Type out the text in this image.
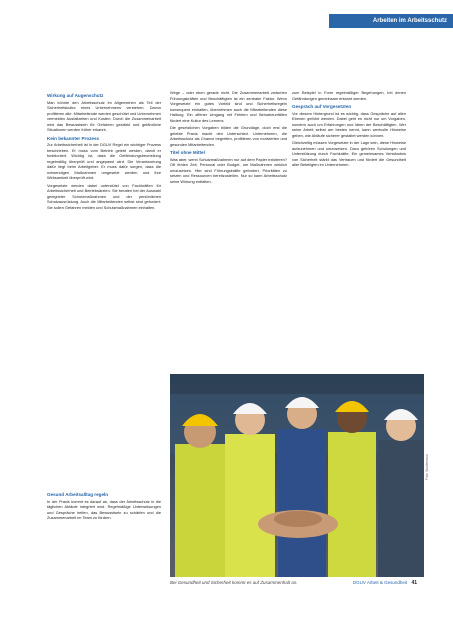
Arbeiten im Arbeitsschutz
Wirkung auf Augenschutz

Man könnte den Arbeitsschutz im Allgemeinen als Teil der Sicherheitskultur eines Unternehmens verstehen. Davon profitieren alle: Mitarbeitende werden geschützt und Unternehmen vermeiden Ausfallzeiten und Kosten. Durch die Zusammenarbeit wird das Bewusstsein für Gefahren gestärkt und gefährliche Situationen werden früher erkannt.

Kein bekannter Prozess

Zur Arbeitssicherheit ist in der DGUV Regel ein wichtiger Prozess beschrieben. Er muss vom Betrieb gelebt werden, damit er funktioniert. Wichtig ist, dass die Gefährdungsbeurteilung regelmäßig überprüft und angepasst wird. Die Verantwortung dafür liegt beim Arbeitgeber. Er muss dafür sorgen, dass die notwendigen Maßnahmen umgesetzt werden und ihre Wirksamkeit überprüft wird.

Vorgesetzte werden dabei unterstützt von Fachkräften für Arbeitssicherheit und Betriebsärzten. Sie beraten bei der Auswahl geeigneter Schutzmaßnahmen und der persönlichen Schutzausrüstung. Auch die Mitarbeitenden selbst sind gefordert: Sie sollen Gefahren melden und Schutzmaßnahmen einhalten.

Gesund Arbeitsalltag regeln

In der Praxis kommt es darauf an, dass der Arbeitsschutz in die täglichen Abläufe integriert wird. Regelmäßige Unterweisungen und Gespräche helfen, das Bewusstsein zu schärfen und die Zusammenarbeit im Team zu fördern.

Wege – oder eben gerade nicht. Die Zusammenarbeit zwischen Führungskräften und Beschäftigten ist ein zentraler Faktor. Wenn Vorgesetzte ein gutes Vorbild sind und Sicherheitsregeln konsequent einhalten, übernehmen auch die Mitarbeitenden diese Haltung. Ein offener Umgang mit Fehlern und Beinaheunfällen fördert eine Kultur des Lernens.

Die gesetzlichen Vorgaben bilden die Grundlage, doch erst die gelebte Praxis macht den Unterschied. Unternehmen, die Arbeitsschutz als Chance begreifen, profitieren von motivierten und gesunden Mitarbeitenden.

Titel ohne Mittel

Was aber, wenn Schutzmaßnahmen nur auf dem Papier existieren? Oft fehlen Zeit, Personal oder Budget, um Maßnahmen wirklich umzusetzen. Hier sind Führungskräfte gefordert, Prioritäten zu setzen und Ressourcen bereitzustellen. Nur so kann Arbeitsschutz seine Wirkung entfalten.

zum Beispiel in Form regelmäßiger Begehungen, bei denen Gefährdungen gemeinsam erkannt werden.

Gespräch auf Vorgesetzten

Vor diesem Hintergrund ist es wichtig, dass Gespräche auf allen Ebenen geführt werden. Dabei geht es nicht nur um Vorgaben, sondern auch um Erfahrungen und Ideen der Beschäftigten. Wer seine Arbeit selbst am besten kennt, kann wertvolle Hinweise geben, wie Abläufe sicherer gestaltet werden können.

Gleichzeitig müssen Vorgesetzte in der Lage sein, diese Hinweise aufzunehmen und umzusetzen. Dazu gehören Schulungen und Unterstützung durch Fachkräfte. Ein gemeinsames Verständnis von Sicherheit stärkt das Vertrauen und fördert die Gesundheit aller Beteiligten im Unternehmen.

Foto: Shutterstock
Bei Gesundheit und Sicherheit kommt es auf Zusammenhalt an.	DGUV Arbeit & Gesundheit 41
